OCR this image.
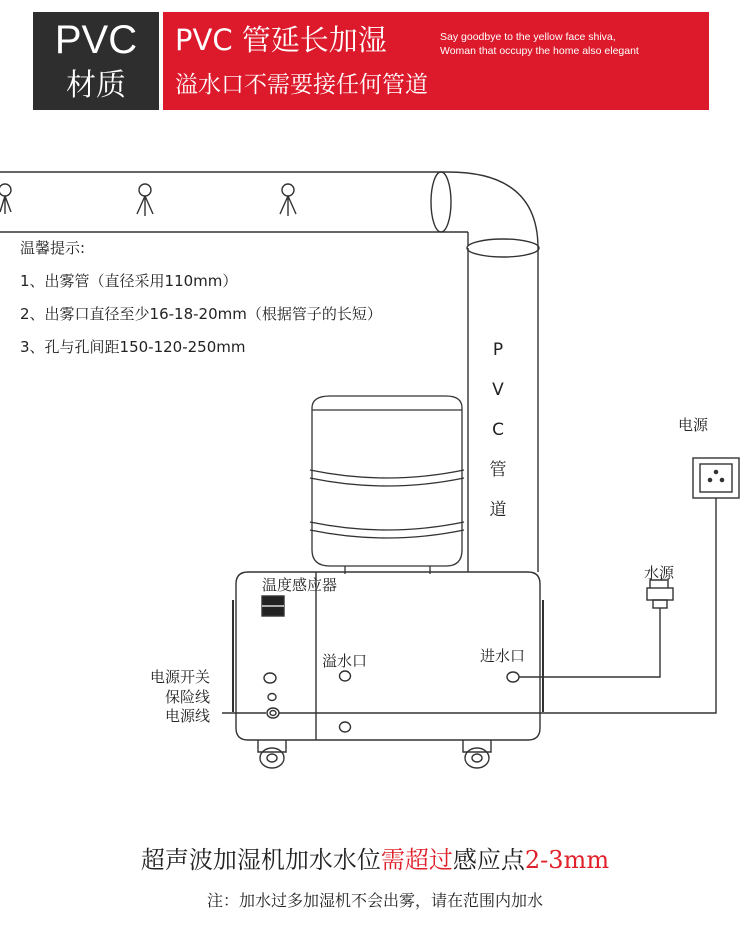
PVC
材质
PVC 管延长加湿	Say goodbye to the yellow face shiva,
Woman that occupy the home also elegant
溢水口不需要接任何管道
温馨提示:
1、出雾管（直径采用110mm）
2、出雾口直径至少16-18-20mm（根据管子的长短）
3、孔与孔间距150-120-250mm	P
V
C
管
道
电源
水源
温度感应器
溢水口	进水口
电源开关
保险线
电源线
超声波加湿机加水水位需超过感应点2-3mm
注：加水过多加湿机不会出雾，请在范围内加水
